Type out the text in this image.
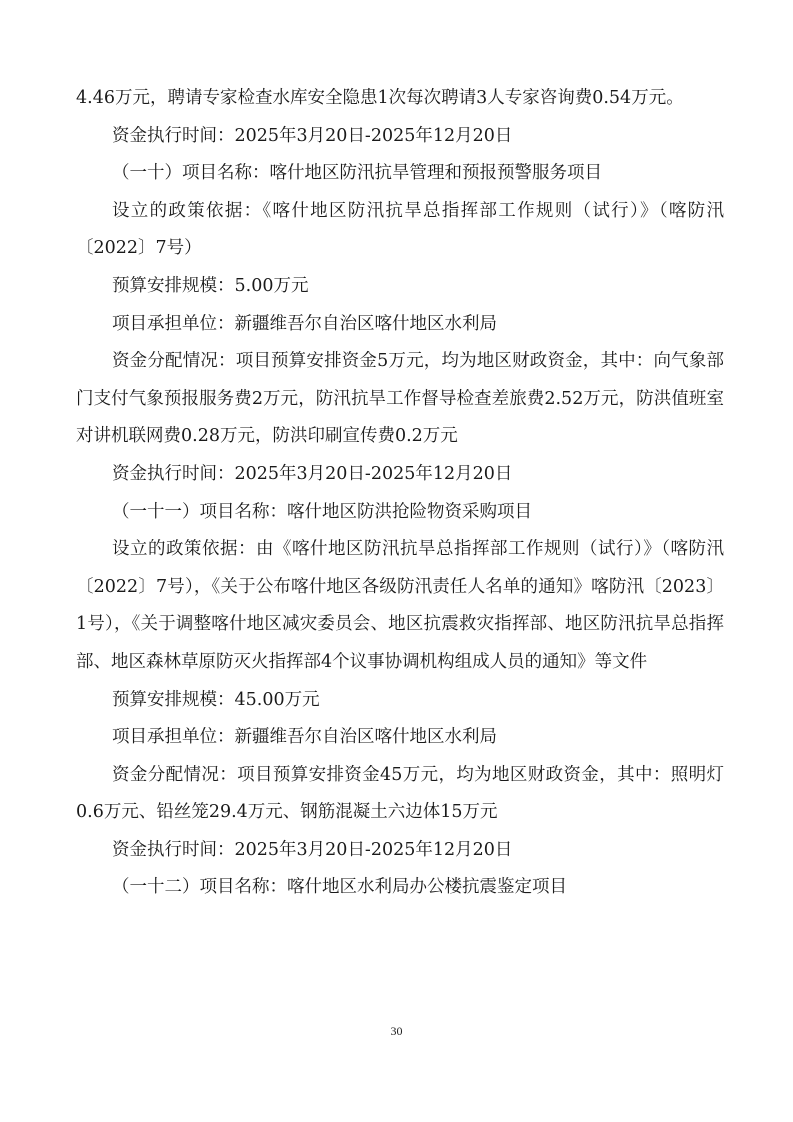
4.46万元，聘请专家检查水库安全隐患1次每次聘请3人专家咨询费0.54万元。

资金执行时间：2025年3月20日-2025年12月20日

（一十）项目名称：喀什地区防汛抗旱管理和预报预警服务项目

设立的政策依据：《喀什地区防汛抗旱总指挥部工作规则（试行）》（喀防汛〔2022〕7号）

预算安排规模：5.00万元

项目承担单位：新疆维吾尔自治区喀什地区水利局

资金分配情况：项目预算安排资金5万元，均为地区财政资金，其中：向气象部门支付气象预报服务费2万元，防汛抗旱工作督导检查差旅费2.52万元，防洪值班室对讲机联网费0.28万元，防洪印刷宣传费0.2万元

资金执行时间：2025年3月20日-2025年12月20日

（一十一）项目名称：喀什地区防洪抢险物资采购项目

设立的政策依据：由《喀什地区防汛抗旱总指挥部工作规则（试行）》（喀防汛〔2022〕7号），《关于公布喀什地区各级防汛责任人名单的通知》喀防汛〔2023〕1号），《关于调整喀什地区减灾委员会、地区抗震救灾指挥部、地区防汛抗旱总指挥部、地区森林草原防灭火指挥部4个议事协调机构组成人员的通知》等文件

预算安排规模：45.00万元

项目承担单位：新疆维吾尔自治区喀什地区水利局

资金分配情况：项目预算安排资金45万元，均为地区财政资金，其中：照明灯0.6万元、铅丝笼29.4万元、钢筋混凝土六边体15万元

资金执行时间：2025年3月20日-2025年12月20日

（一十二）项目名称：喀什地区水利局办公楼抗震鉴定项目

30
